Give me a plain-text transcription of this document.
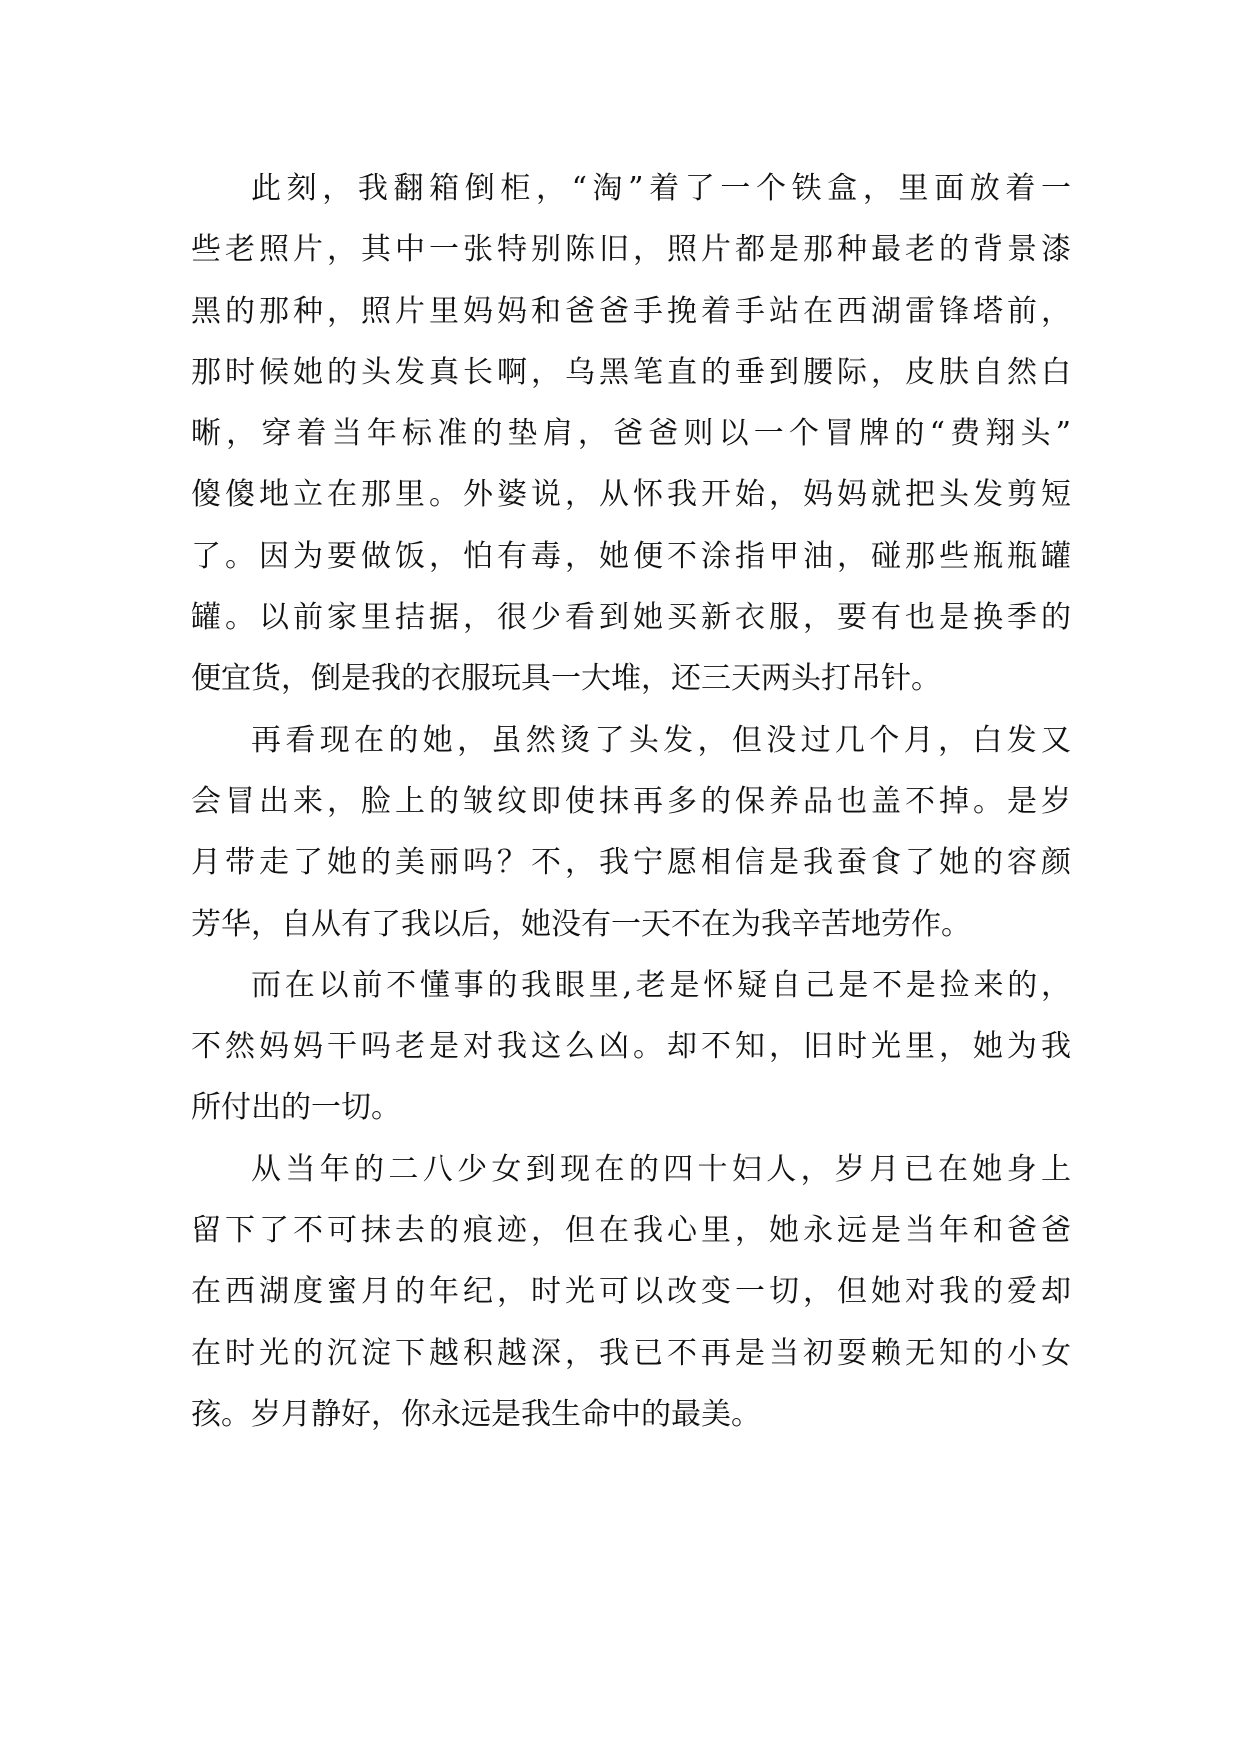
此刻，我翻箱倒柜，“淘”着了一个铁盒，里面放着一
些老照片，其中一张特别陈旧，照片都是那种最老的背景漆
黑的那种，照片里妈妈和爸爸手挽着手站在西湖雷锋塔前，
那时候她的头发真长啊，乌黑笔直的垂到腰际，皮肤自然白
晰，穿着当年标准的垫肩，爸爸则以一个冒牌的“费翔头”
傻傻地立在那里。外婆说，从怀我开始，妈妈就把头发剪短
了。因为要做饭，怕有毒，她便不涂指甲油，碰那些瓶瓶罐
罐。以前家里拮据，很少看到她买新衣服，要有也是换季的
便宜货，倒是我的衣服玩具一大堆，还三天两头打吊针。
再看现在的她，虽然烫了头发，但没过几个月，白发又
会冒出来，脸上的皱纹即使抹再多的保养品也盖不掉。是岁
月带走了她的美丽吗？不，我宁愿相信是我蚕食了她的容颜
芳华，自从有了我以后，她没有一天不在为我辛苦地劳作。
而在以前不懂事的我眼里,老是怀疑自己是不是捡来的，
不然妈妈干吗老是对我这么凶。却不知，旧时光里，她为我
所付出的一切。
从当年的二八少女到现在的四十妇人，岁月已在她身上
留下了不可抹去的痕迹，但在我心里，她永远是当年和爸爸
在西湖度蜜月的年纪，时光可以改变一切，但她对我的爱却
在时光的沉淀下越积越深，我已不再是当初耍赖无知的小女
孩。岁月静好，你永远是我生命中的最美。
